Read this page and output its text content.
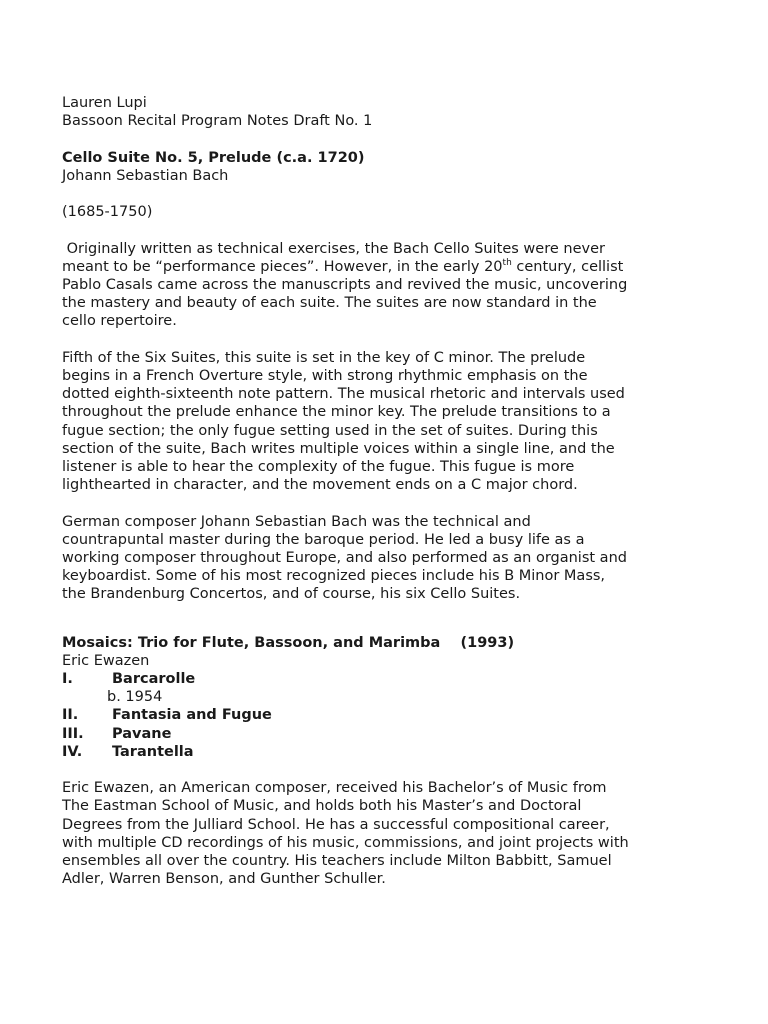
Lauren Lupi
Bassoon Recital Program Notes Draft No. 1
Cello Suite No. 5, Prelude (c.a. 1720)
Johann Sebastian Bach
(1685-1750)
Originally written as technical exercises, the Bach Cello Suites were never
meant to be “performance pieces”. However, in the early 20th century, cellist
Pablo Casals came across the manuscripts and revived the music, uncovering
the mastery and beauty of each suite. The suites are now standard in the
cello repertoire.
Fifth of the Six Suites, this suite is set in the key of C minor. The prelude
begins in a French Overture style, with strong rhythmic emphasis on the
dotted eighth-sixteenth note pattern. The musical rhetoric and intervals used
throughout the prelude enhance the minor key. The prelude transitions to a
fugue section; the only fugue setting used in the set of suites. During this
section of the suite, Bach writes multiple voices within a single line, and the
listener is able to hear the complexity of the fugue. This fugue is more
lighthearted in character, and the movement ends on a C major chord.
German composer Johann Sebastian Bach was the technical and
countrapuntal master during the baroque period. He led a busy life as a
working composer throughout Europe, and also performed as an organist and
keyboardist. Some of his most recognized pieces include his B Minor Mass,
the Brandenburg Concertos, and of course, his six Cello Suites.
Mosaics: Trio for Flute, Bassoon, and Marimba    (1993)
Eric Ewazen
I.	Barcarolle
b. 1954
II.	Fantasia and Fugue
III.	Pavane
IV.	Tarantella
Eric Ewazen, an American composer, received his Bachelor’s of Music from
The Eastman School of Music, and holds both his Master’s and Doctoral
Degrees from the Julliard School. He has a successful compositional career,
with multiple CD recordings of his music, commissions, and joint projects with
ensembles all over the country. His teachers include Milton Babbitt, Samuel
Adler, Warren Benson, and Gunther Schuller.
